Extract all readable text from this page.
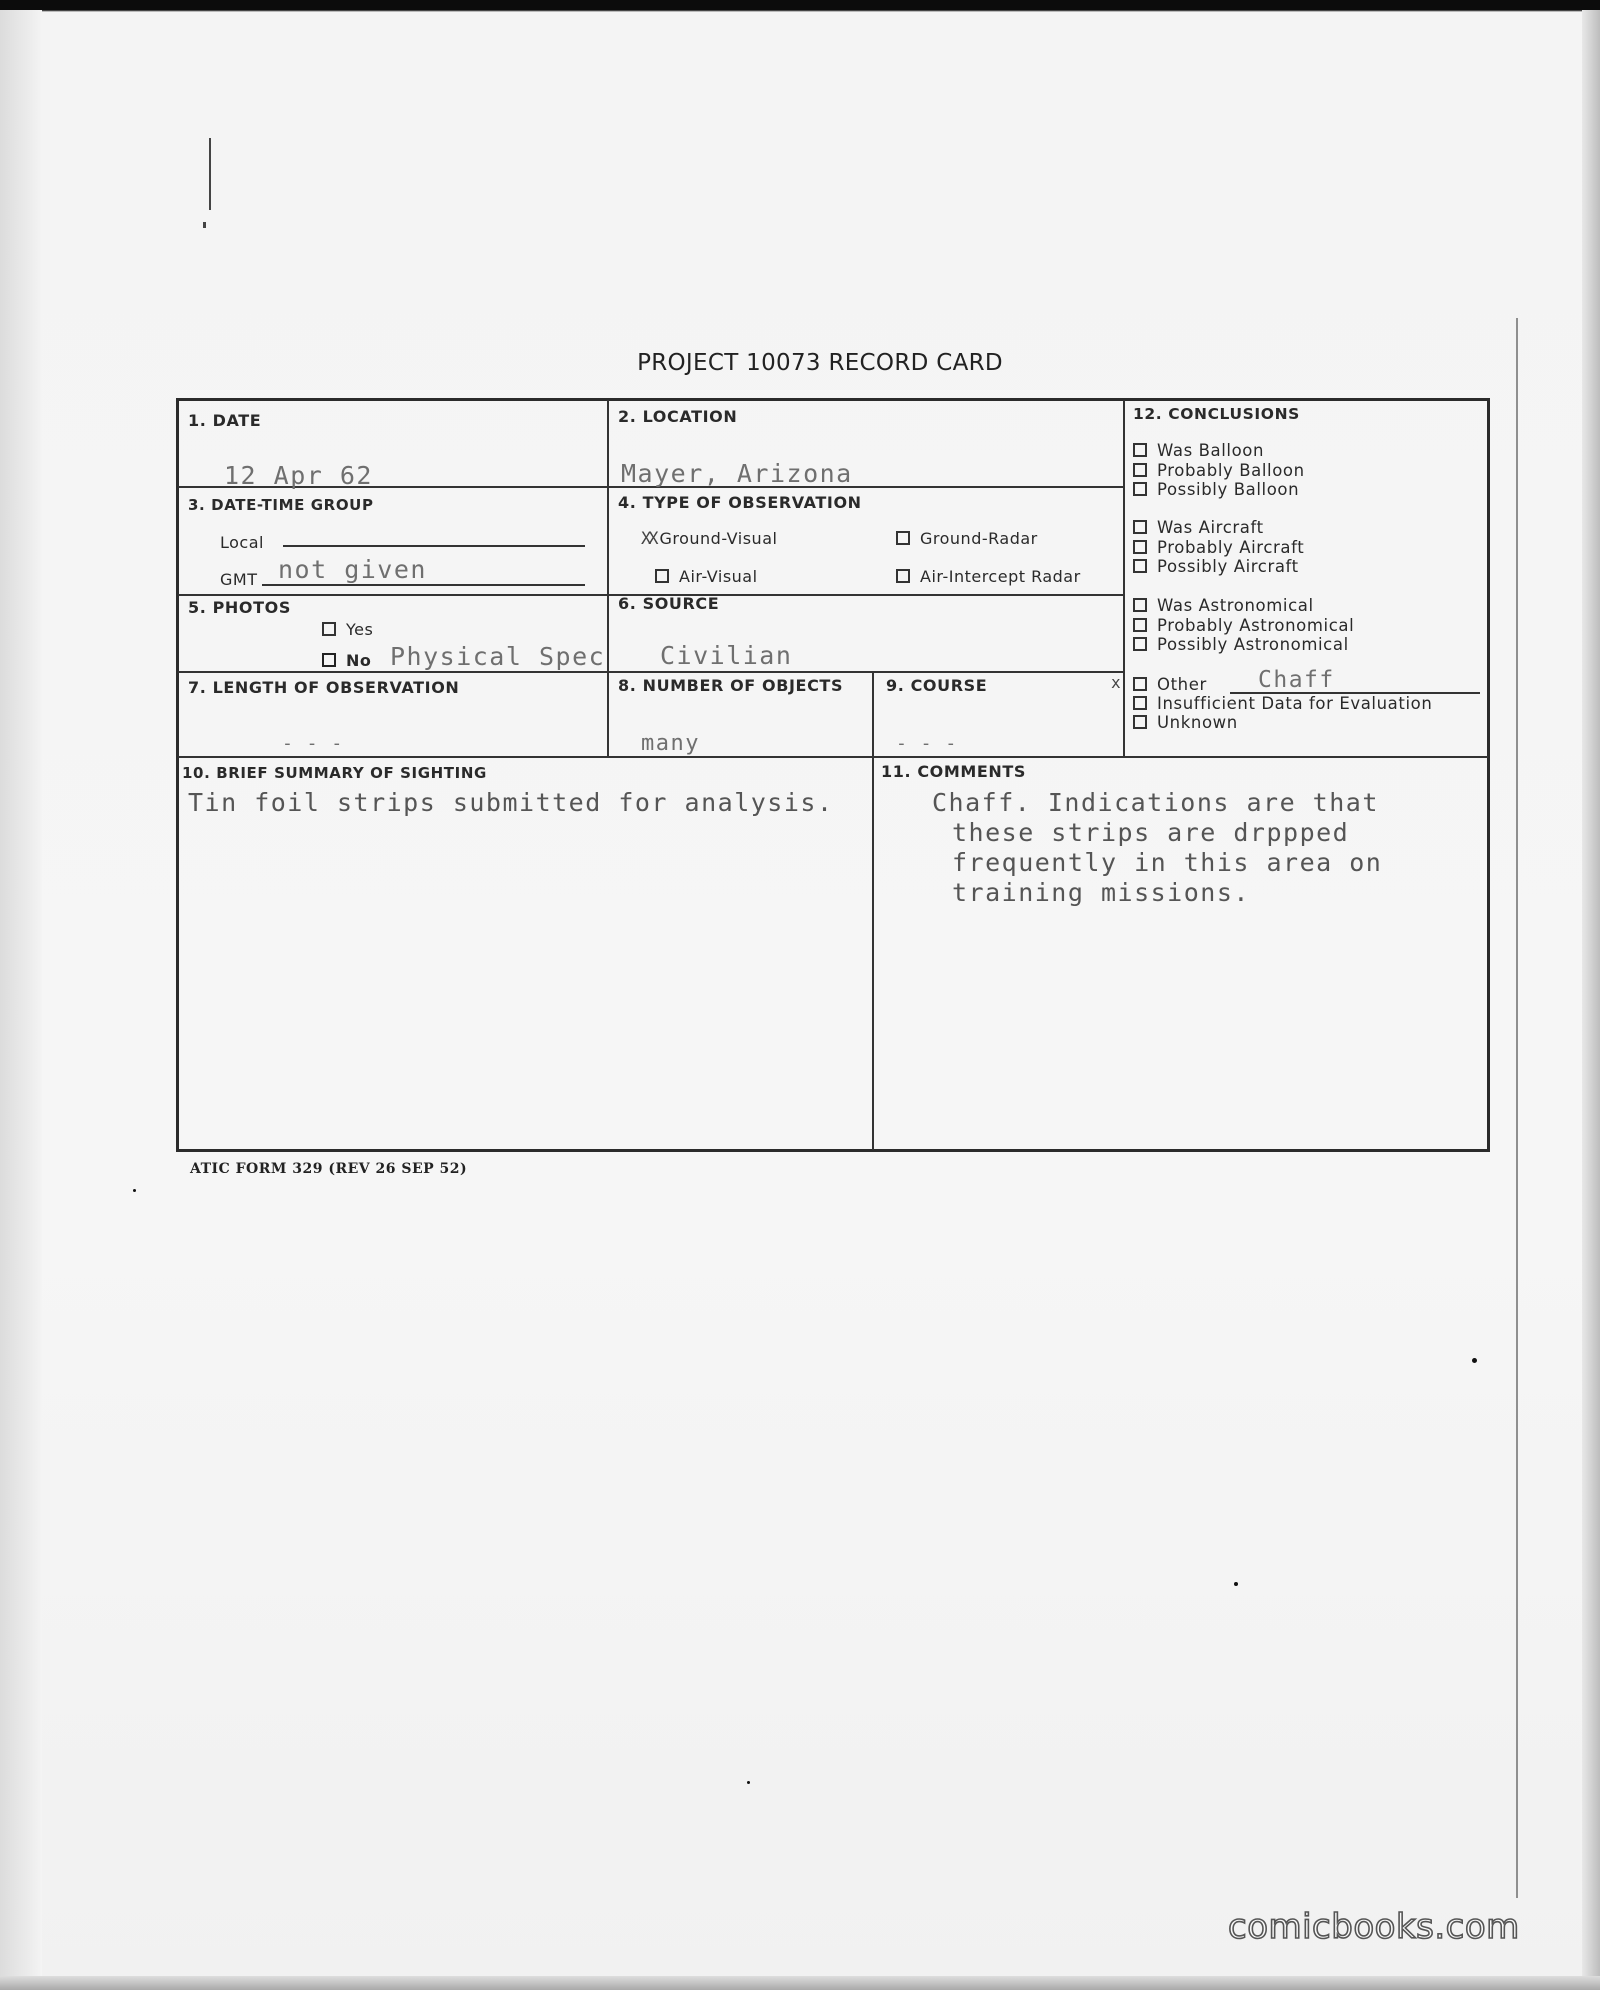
PROJECT 10073 RECORD CARD
1. DATE
12 Apr 62
2. LOCATION
Mayer, Arizona
3. DATE-TIME GROUP
Local
GMT not given
4. TYPE OF OBSERVATION
XX Ground-Visual	Ground-Radar
Air-Visual	Air-Intercept Radar
5. PHOTOS
Yes
No Physical Spec
6. SOURCE
Civilian
7. LENGTH OF OBSERVATION
- - -
8. NUMBER OF OBJECTS
many
9. COURSE
- - -
10. BRIEF SUMMARY OF SIGHTING
Tin foil strips submitted for analysis.
11. COMMENTS
Chaff. Indications are that
these strips are drppped
frequently in this area on
training missions.
12. CONCLUSIONS
Was Balloon
Probably Balloon
Possibly Balloon
Was Aircraft
Probably Aircraft
Possibly Aircraft
Was Astronomical
Probably Astronomical
Possibly Astronomical
x	Other Chaff
Insufficient Data for Evaluation
Unknown
ATIC FORM 329 (REV 26 SEP 52)
comicbooks.com
